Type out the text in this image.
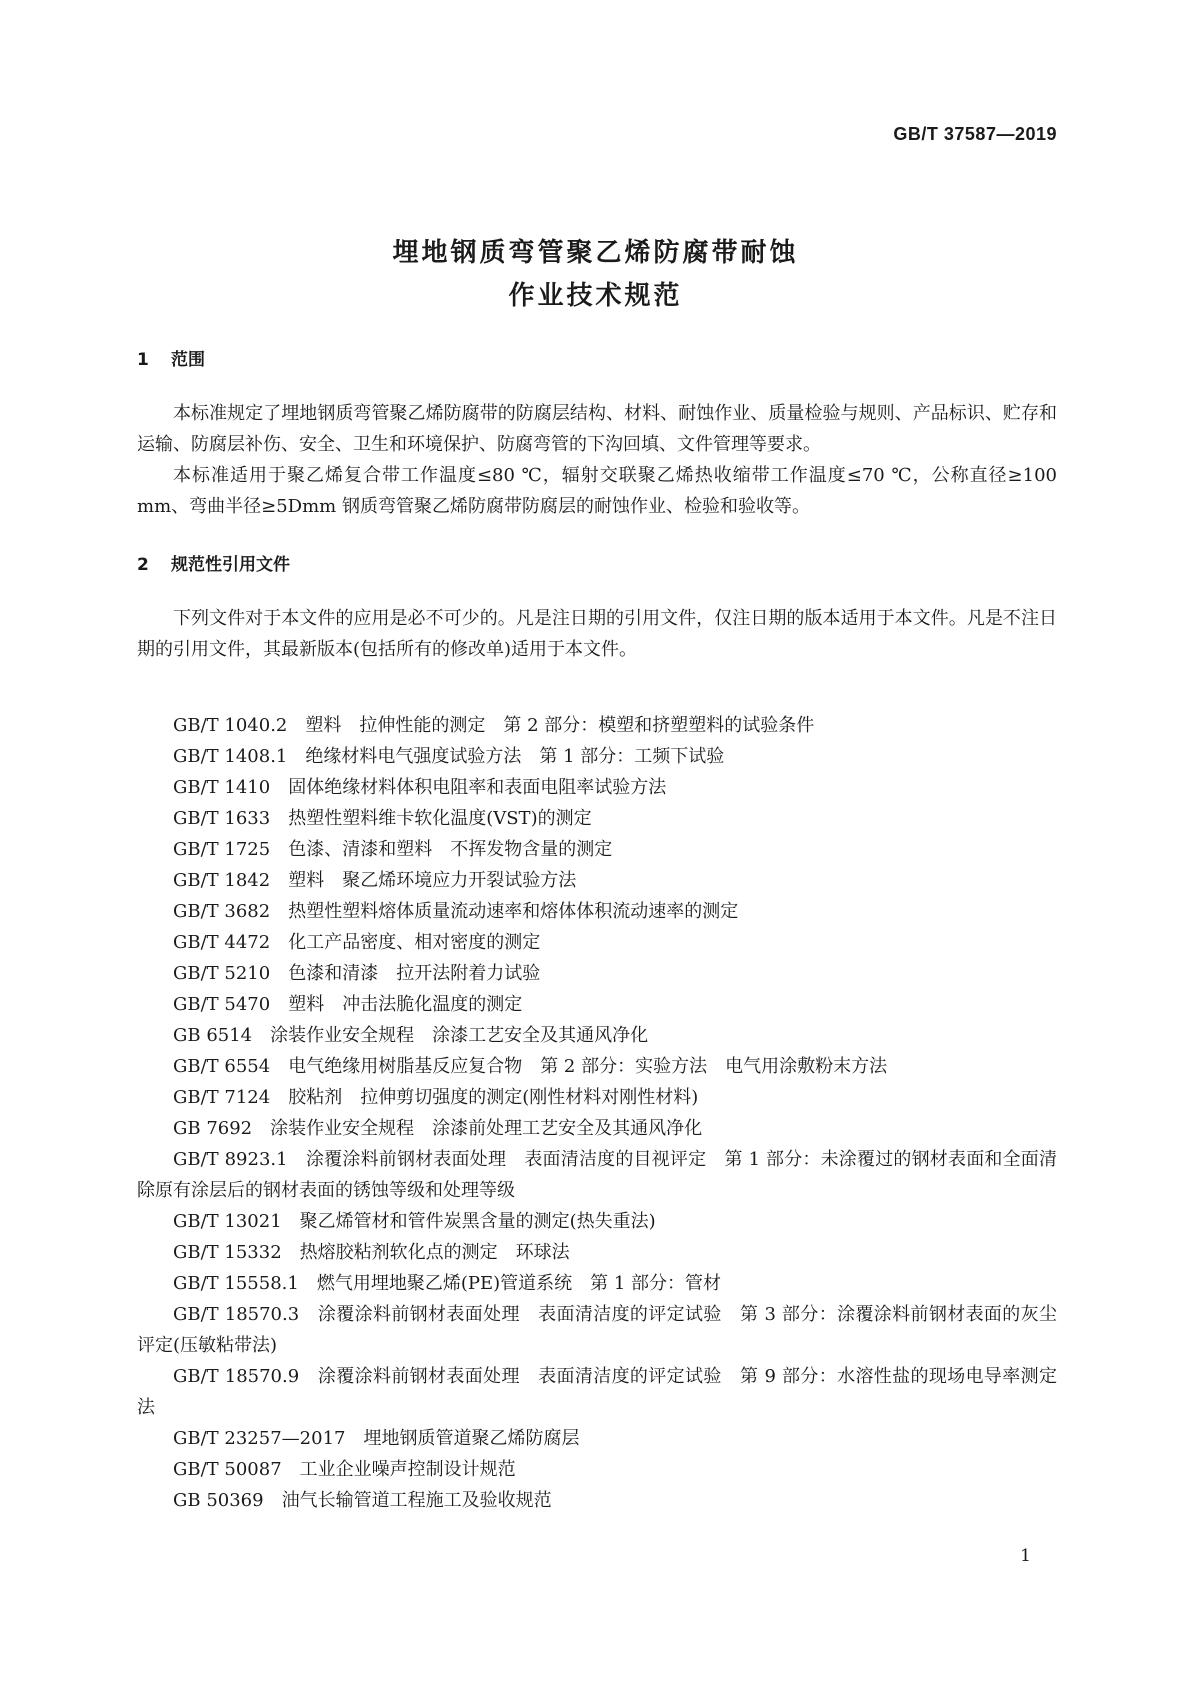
GB/T 37587—2019
埋地钢质弯管聚乙烯防腐带耐蚀
作业技术规范
1 范围
本标准规定了埋地钢质弯管聚乙烯防腐带的防腐层结构、材料、耐蚀作业、质量检验与规则、产品标识、贮存和运输、防腐层补伤、安全、卫生和环境保护、防腐弯管的下沟回填、文件管理等要求。
本标准适用于聚乙烯复合带工作温度≤80 ℃，辐射交联聚乙烯热收缩带工作温度≤70 ℃，公称直径≥100 mm、弯曲半径≥5Dmm 钢质弯管聚乙烯防腐带防腐层的耐蚀作业、检验和验收等。
2 规范性引用文件
下列文件对于本文件的应用是必不可少的。凡是注日期的引用文件，仅注日期的版本适用于本文件。凡是不注日期的引用文件，其最新版本(包括所有的修改单)适用于本文件。
GB/T 1040.2　塑料　拉伸性能的测定　第 2 部分：模塑和挤塑塑料的试验条件
GB/T 1408.1　绝缘材料电气强度试验方法　第 1 部分：工频下试验
GB/T 1410　固体绝缘材料体积电阻率和表面电阻率试验方法
GB/T 1633　热塑性塑料维卡软化温度(VST)的测定
GB/T 1725　色漆、清漆和塑料　不挥发物含量的测定
GB/T 1842　塑料　聚乙烯环境应力开裂试验方法
GB/T 3682　热塑性塑料熔体质量流动速率和熔体体积流动速率的测定
GB/T 4472　化工产品密度、相对密度的测定
GB/T 5210　色漆和清漆　拉开法附着力试验
GB/T 5470　塑料　冲击法脆化温度的测定
GB 6514　涂装作业安全规程　涂漆工艺安全及其通风净化
GB/T 6554　电气绝缘用树脂基反应复合物　第 2 部分：实验方法　电气用涂敷粉末方法
GB/T 7124　胶粘剂　拉伸剪切强度的测定(刚性材料对刚性材料)
GB 7692　涂装作业安全规程　涂漆前处理工艺安全及其通风净化
GB/T 8923.1　涂覆涂料前钢材表面处理　表面清洁度的目视评定　第 1 部分：未涂覆过的钢材表面和全面清除原有涂层后的钢材表面的锈蚀等级和处理等级
GB/T 13021　聚乙烯管材和管件炭黑含量的测定(热失重法)
GB/T 15332　热熔胶粘剂软化点的测定　环球法
GB/T 15558.1　燃气用埋地聚乙烯(PE)管道系统　第 1 部分：管材
GB/T 18570.3　涂覆涂料前钢材表面处理　表面清洁度的评定试验　第 3 部分：涂覆涂料前钢材表面的灰尘评定(压敏粘带法)
GB/T 18570.9　涂覆涂料前钢材表面处理　表面清洁度的评定试验　第 9 部分：水溶性盐的现场电导率测定法
GB/T 23257—2017　埋地钢质管道聚乙烯防腐层
GB/T 50087　工业企业噪声控制设计规范
GB 50369　油气长输管道工程施工及验收规范
1
